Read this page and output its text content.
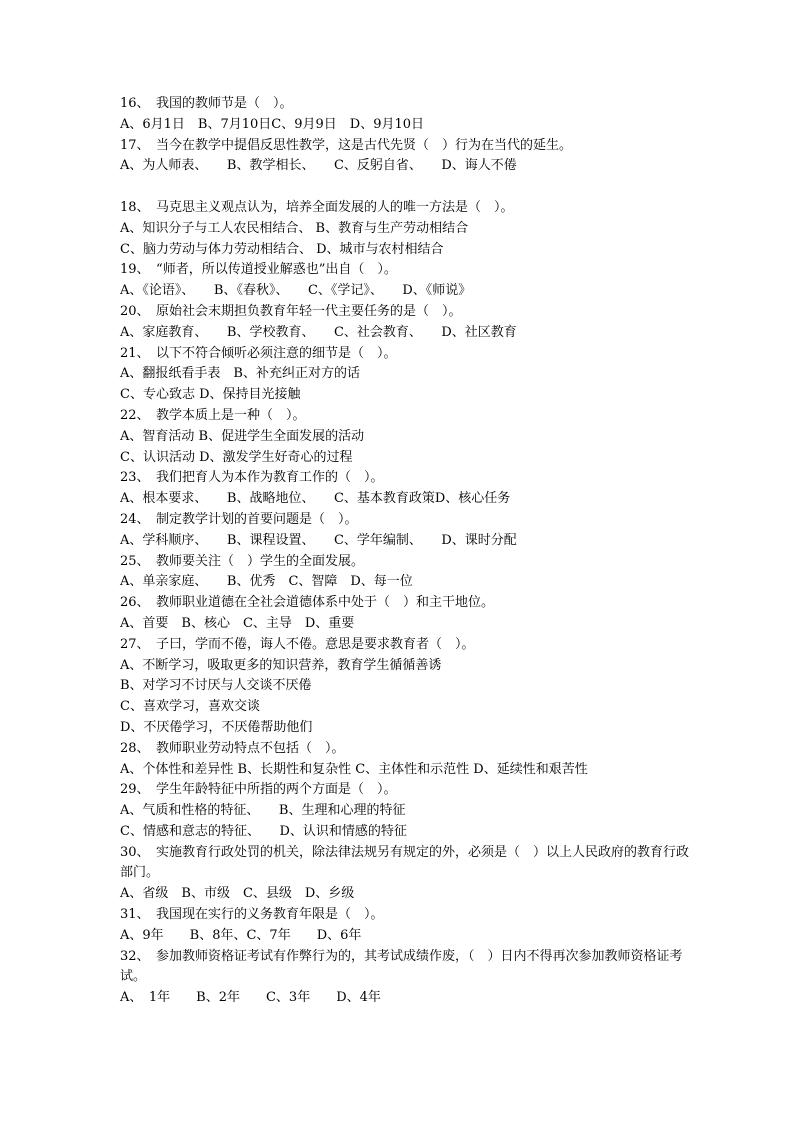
16、　我国的教师节是（　）。

A、6月1日　B、7月10日C、9月9日　D、9月10日

17、　当今在教学中提倡反思性教学，这是古代先贤（　）行为在当代的延生。

A、为人师表、　　B、教学相长、　　C、反躬自省、　　D、诲人不倦

18、　马克思主义观点认为，培养全面发展的人的唯一方法是（　）。

A、知识分子与工人农民相结合、 B、教育与生产劳动相结合

C、脑力劳动与体力劳动相结合、 D、城市与农村相结合

19、　“师者，所以传道授业解惑也”出自（　）。

A、《论语》、　　B、《春秋》、　　C、《学记》、　　D、《师说》

20、　原始社会末期担负教育年轻一代主要任务的是（　）。

A、家庭教育、　　B、学校教育、　　C、社会教育、　　D、社区教育

21、　以下不符合倾听必须注意的细节是（　）。

A、翻报纸看手表　B、补充纠正对方的话

C、专心致志 D、保持目光接触

22、　教学本质上是一种（　）。

A、智育活动 B、促进学生全面发展的活动

C、认识活动 D、激发学生好奇心的过程

23、　我们把育人为本作为教育工作的（　）。

A、根本要求、　　B、战略地位、　　C、基本教育政策D、核心任务

24、　制定教学计划的首要问题是（　）。

A、学科顺序、　　B、课程设置、　　C、学年编制、　　D、课时分配

25、　教师要关注（　）学生的全面发展。

A、单亲家庭、　　B、优秀　C、智障　D、每一位

26、　教师职业道德在全社会道德体系中处于（　）和主干地位。

A、首要　B、核心　C、主导　D、重要

27、　子曰，学而不倦，诲人不倦。意思是要求教育者（　）。

A、不断学习，吸取更多的知识营养，教育学生循循善诱

B、对学习不讨厌与人交谈不厌倦

C、喜欢学习，喜欢交谈

D、不厌倦学习，不厌倦帮助他们

28、　教师职业劳动特点不包括（　）。

A、个体性和差异性 B、长期性和复杂性 C、主体性和示范性 D、延续性和艰苦性

29、　学生年龄特征中所指的两个方面是（　）。

A、气质和性格的特征、　　B、生理和心理的特征

C、情感和意志的特征、　　D、认识和情感的特征

30、　实施教育行政处罚的机关，除法律法规另有规定的外，必须是（　）以上人民政府的教育行政部门。

A、省级　B、市级　C、县级　D、乡级

31、　我国现在实行的义务教育年限是（　）。

A、9年　　B、8年、C、7年　　D、6年

32、　参加教师资格证考试有作弊行为的，其考试成绩作废，（　）日内不得再次参加教师资格证考试。

A、　1年　　B、2年　　C、3年　　D、4年
